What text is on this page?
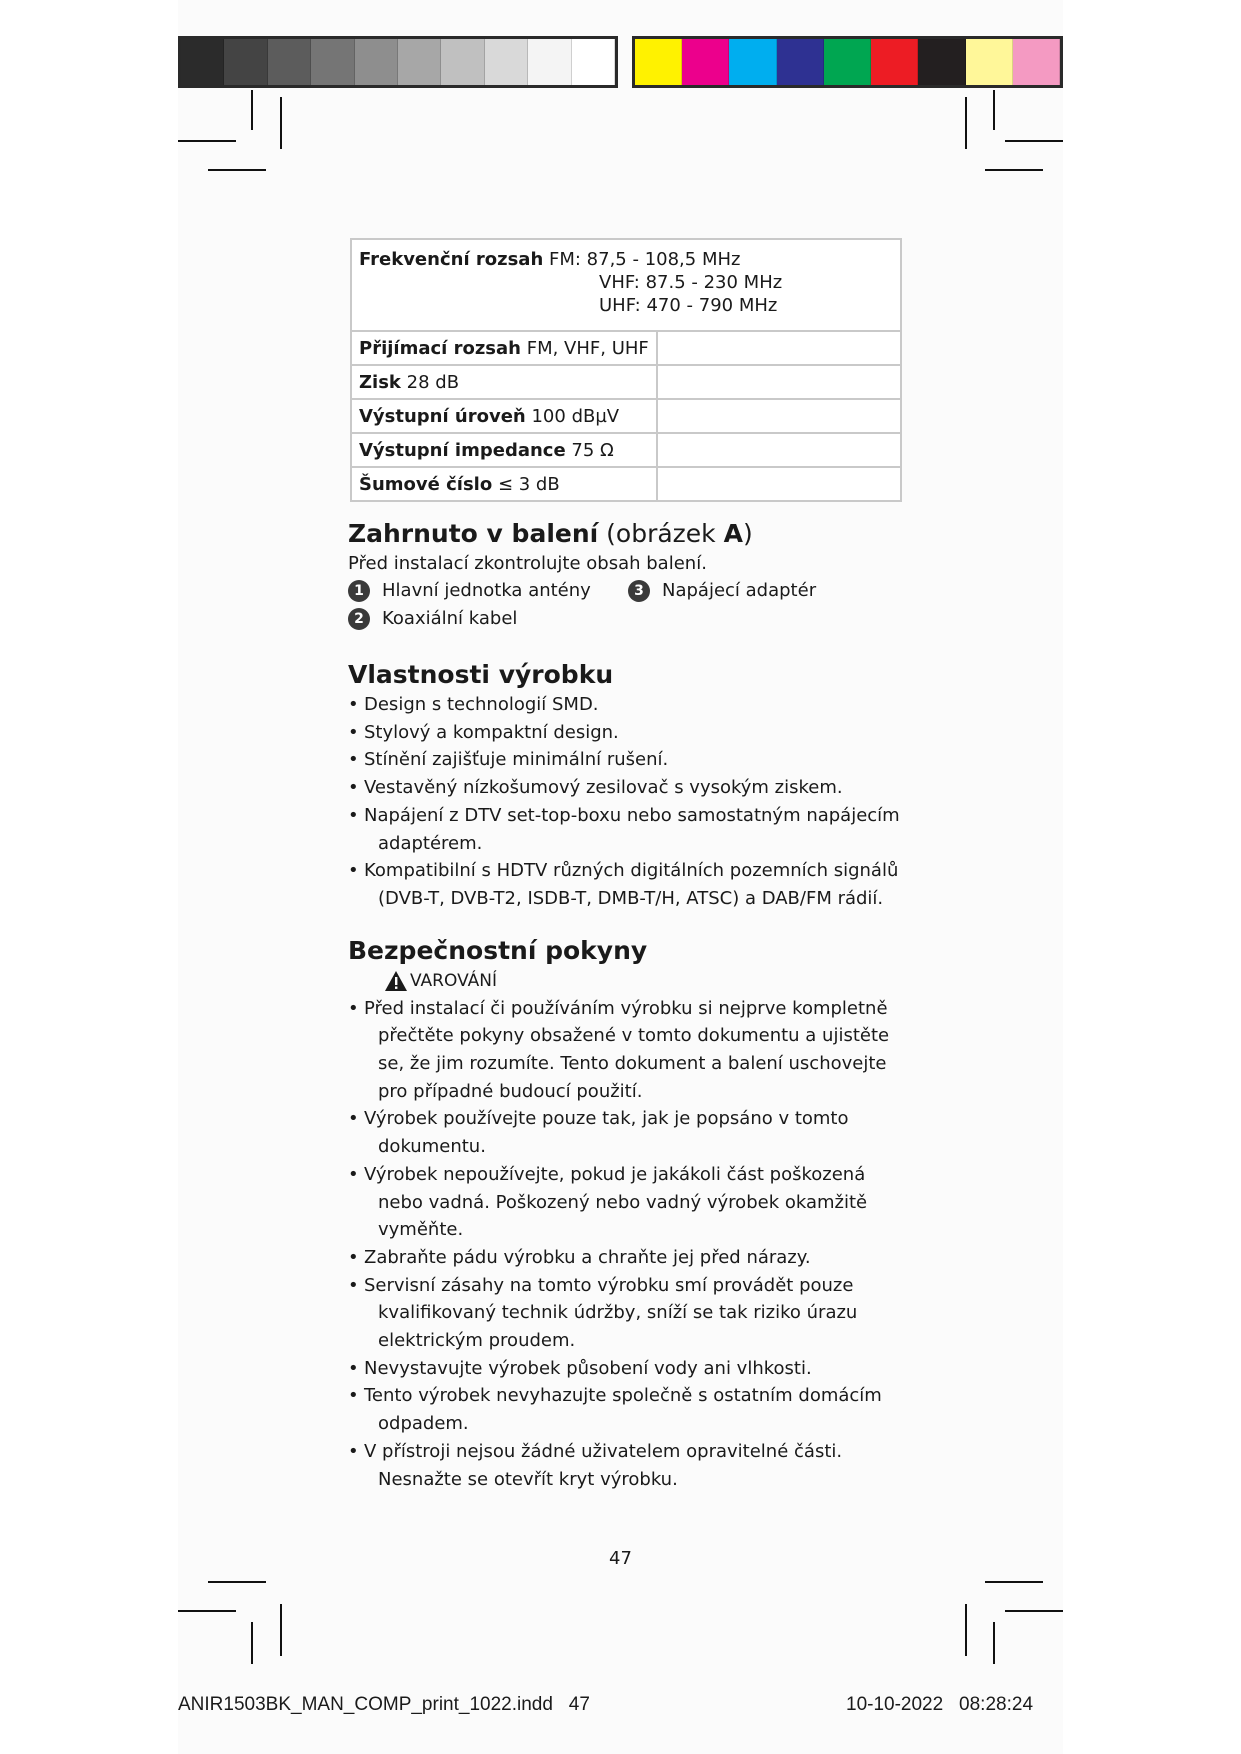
Frekvenční rozsah FM: 87,5 - 108,5 MHz
VHF: 87.5 - 230 MHz
UHF: 470 - 790 MHz	

Přijímací rozsah FM, VHF, UHF	

Zisk 28 dB	

Výstupní úroveň 100 dBµV	

Výstupní impedance 75 Ω	

Šumové číslo ≤ 3 dB	
Zahrnuto v balení (obrázek A)

Před instalací zkontrolujte obsah balení.

1	Hlavní jednotka antény	3	Napájecí adaptér
2	Koaxiální kabel
Vlastnosti výrobku
• Design s technologií SMD.
• Stylový a kompaktní design.
• Stínění zajišťuje minimální rušení.
• Vestavěný nízkošumový zesilovač s vysokým ziskem.
• Napájení z DTV set-top-boxu nebo samostatným napájecím adaptérem.
• Kompatibilní s HDTV různých digitálních pozemních signálů (DVB-T, DVB-T2, ISDB-T, DMB-T/H, ATSC) a DAB/FM rádií.
Bezpečnostní pokyny
VAROVÁNÍ
• Před instalací či používáním výrobku si nejprve kompletně přečtěte pokyny obsažené v tomto dokumentu a ujistěte se, že jim rozumíte. Tento dokument a balení uschovejte pro případné budoucí použití.
• Výrobek používejte pouze tak, jak je popsáno v tomto dokumentu.
• Výrobek nepoužívejte, pokud je jakákoli část poškozená nebo vadná. Poškozený nebo vadný výrobek okamžitě vyměňte.
• Zabraňte pádu výrobku a chraňte jej před nárazy.
• Servisní zásahy na tomto výrobku smí provádět pouze kvalifikovaný technik údržby, sníží se tak riziko úrazu elektrickým proudem.
• Nevystavujte výrobek působení vody ani vlhkosti.
• Tento výrobek nevyhazujte společně s ostatním domácím odpadem.
• V přístroji nejsou žádné uživatelem opravitelné části. Nesnažte se otevřít kryt výrobku.
47
ANIR1503BK_MAN_COMP_print_1022.indd 47	10-10-2022 08:28:24
